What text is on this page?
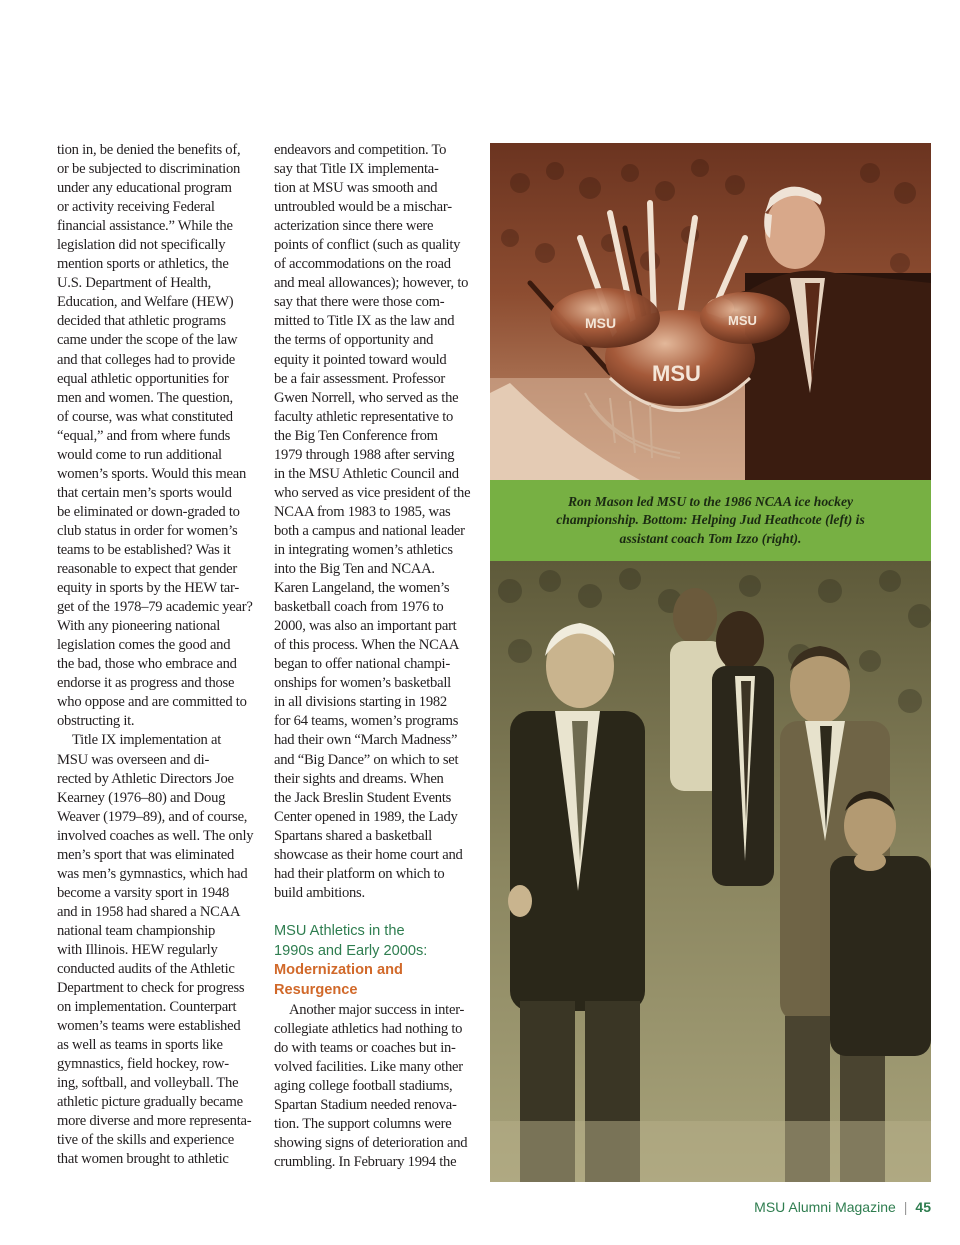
tion in, be denied the benefits of,
or be subjected to discrimination
under any educational program
or activity receiving Federal
financial assistance.” While the
legislation did not specifically
mention sports or athletics, the
U.S. Department of Health,
Education, and Welfare (HEW)
decided that athletic programs
came under the scope of the law
and that colleges had to provide
equal athletic opportunities for
men and women. The question,
of course, was what constituted
“equal,” and from where funds
would come to run additional
women’s sports. Would this mean
that certain men’s sports would
be eliminated or down-graded to
club status in order for women’s
teams to be established? Was it
reasonable to expect that gender
equity in sports by the HEW tar-
get of the 1978–79 academic year?
With any pioneering national
legislation comes the good and
the bad, those who embrace and
endorse it as progress and those
who oppose and are committed to
obstructing it.
Title IX implementation at
MSU was overseen and di-
rected by Athletic Directors Joe
Kearney (1976–80) and Doug
Weaver (1979–89), and of course,
involved coaches as well. The only
men’s sport that was eliminated
was men’s gymnastics, which had
become a varsity sport in 1948
and in 1958 had shared a NCAA
national team championship
with Illinois. HEW regularly
conducted audits of the Athletic
Department to check for progress
on implementation. Counterpart
women’s teams were established
as well as teams in sports like
gymnastics, field hockey, row-
ing, softball, and volleyball. The
athletic picture gradually became
more diverse and more representa-
tive of the skills and experience
that women brought to athletic
endeavors and competition. To
say that Title IX implementa-
tion at MSU was smooth and
untroubled would be a mischar-
acterization since there were
points of conflict (such as quality
of accommodations on the road
and meal allowances); however, to
say that there were those com-
mitted to Title IX as the law and
the terms of opportunity and
equity it pointed toward would
be a fair assessment. Professor
Gwen Norrell, who served as the
faculty athletic representative to
the Big Ten Conference from
1979 through 1988 after serving
in the MSU Athletic Council and
who served as vice president of the
NCAA from 1983 to 1985, was
both a campus and national leader
in integrating women’s athletics
into the Big Ten and NCAA.
Karen Langeland, the women’s
basketball coach from 1976 to
2000, was also an important part
of this process. When the NCAA
began to offer national champi-
onships for women’s basketball
in all divisions starting in 1982
for 64 teams, women’s programs
had their own “March Madness”
and “Big Dance” on which to set
their sights and dreams. When
the Jack Breslin Student Events
Center opened in 1989, the Lady
Spartans shared a basketball
showcase as their home court and
had their platform on which to
build ambitions.
MSU Athletics in the
1990s and Early 2000s:
Modernization and
Resurgence
Another major success in inter-
collegiate athletics had nothing to
do with teams or coaches but in-
volved facilities. Like many other
aging college football stadiums,
Spartan Stadium needed renova-
tion. The support columns were
showing signs of deterioration and
crumbling. In February 1994 the
MSU
MSU	MSU
Ron Mason led MSU to the 1986 NCAA ice hockey
championship. Bottom: Helping Jud Heathcote (left) is
assistant coach Tom Izzo (right).
MSU Alumni Magazine | 45
